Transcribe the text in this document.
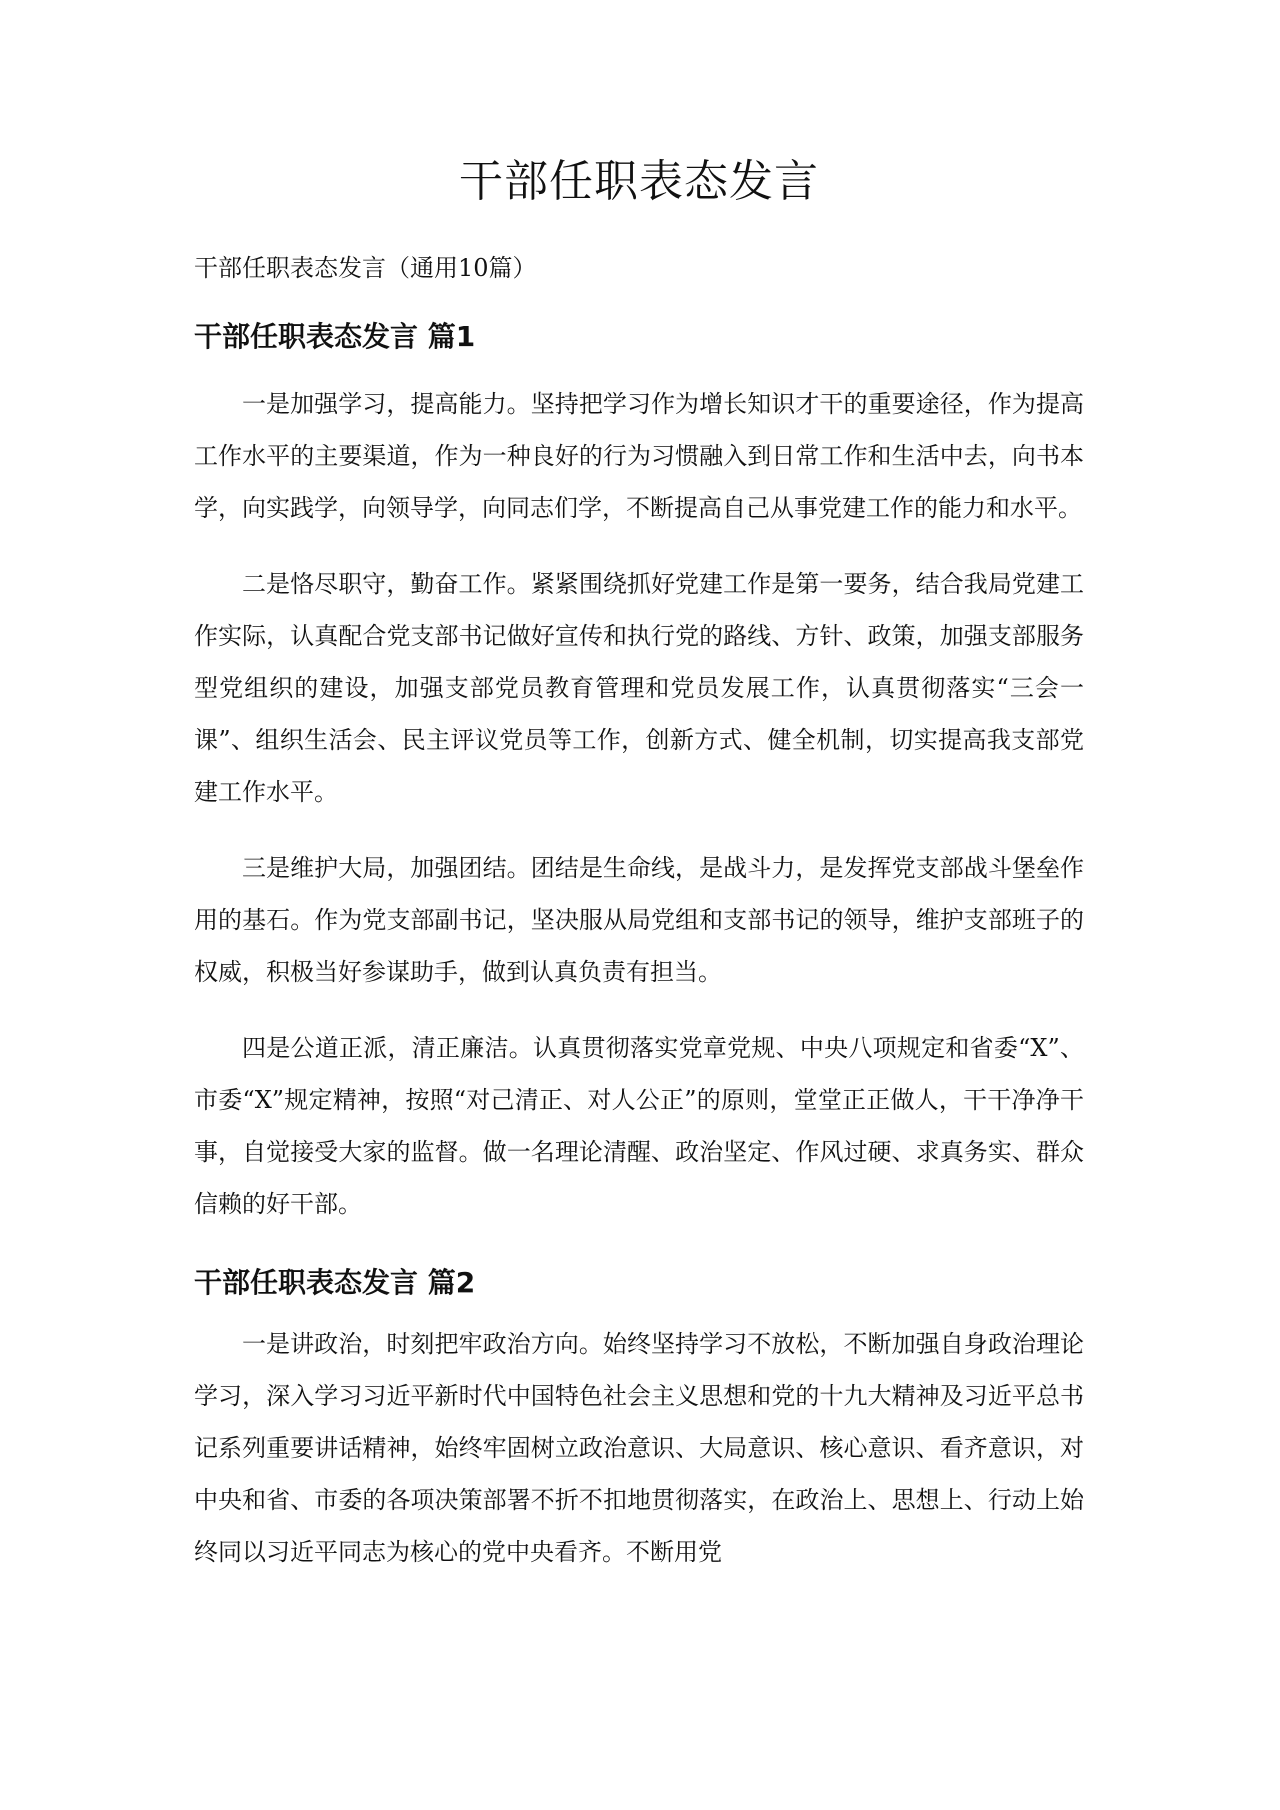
干部任职表态发言
干部任职表态发言（通用10篇）
干部任职表态发言 篇1

一是加强学习，提高能力。坚持把学习作为增长知识才干的重要途径，作为提高工作水平的主要渠道，作为一种良好的行为习惯融入到日常工作和生活中去，向书本学，向实践学，向领导学，向同志们学，不断提高自己从事党建工作的能力和水平。

二是恪尽职守，勤奋工作。紧紧围绕抓好党建工作是第一要务，结合我局党建工作实际，认真配合党支部书记做好宣传和执行党的路线、方针、政策，加强支部服务型党组织的建设，加强支部党员教育管理和党员发展工作，认真贯彻落实“三会一课”、组织生活会、民主评议党员等工作，创新方式、健全机制，切实提高我支部党建工作水平。

三是维护大局，加强团结。团结是生命线，是战斗力，是发挥党支部战斗堡垒作用的基石。作为党支部副书记，坚决服从局党组和支部书记的领导，维护支部班子的权威，积极当好参谋助手，做到认真负责有担当。

四是公道正派，清正廉洁。认真贯彻落实党章党规、中央八项规定和省委“X”、市委“X”规定精神，按照“对己清正、对人公正”的原则，堂堂正正做人，干干净净干事，自觉接受大家的监督。做一名理论清醒、政治坚定、作风过硬、求真务实、群众信赖的好干部。

干部任职表态发言 篇2

一是讲政治，时刻把牢政治方向。始终坚持学习不放松，不断加强自身政治理论学习，深入学习习近平新时代中国特色社会主义思想和党的十九大精神及习近平总书记系列重要讲话精神，始终牢固树立政治意识、大局意识、核心意识、看齐意识，对中央和省、市委的各项决策部署不折不扣地贯彻落实，在政治上、思想上、行动上始终同以习近平同志为核心的党中央看齐。不断用党
